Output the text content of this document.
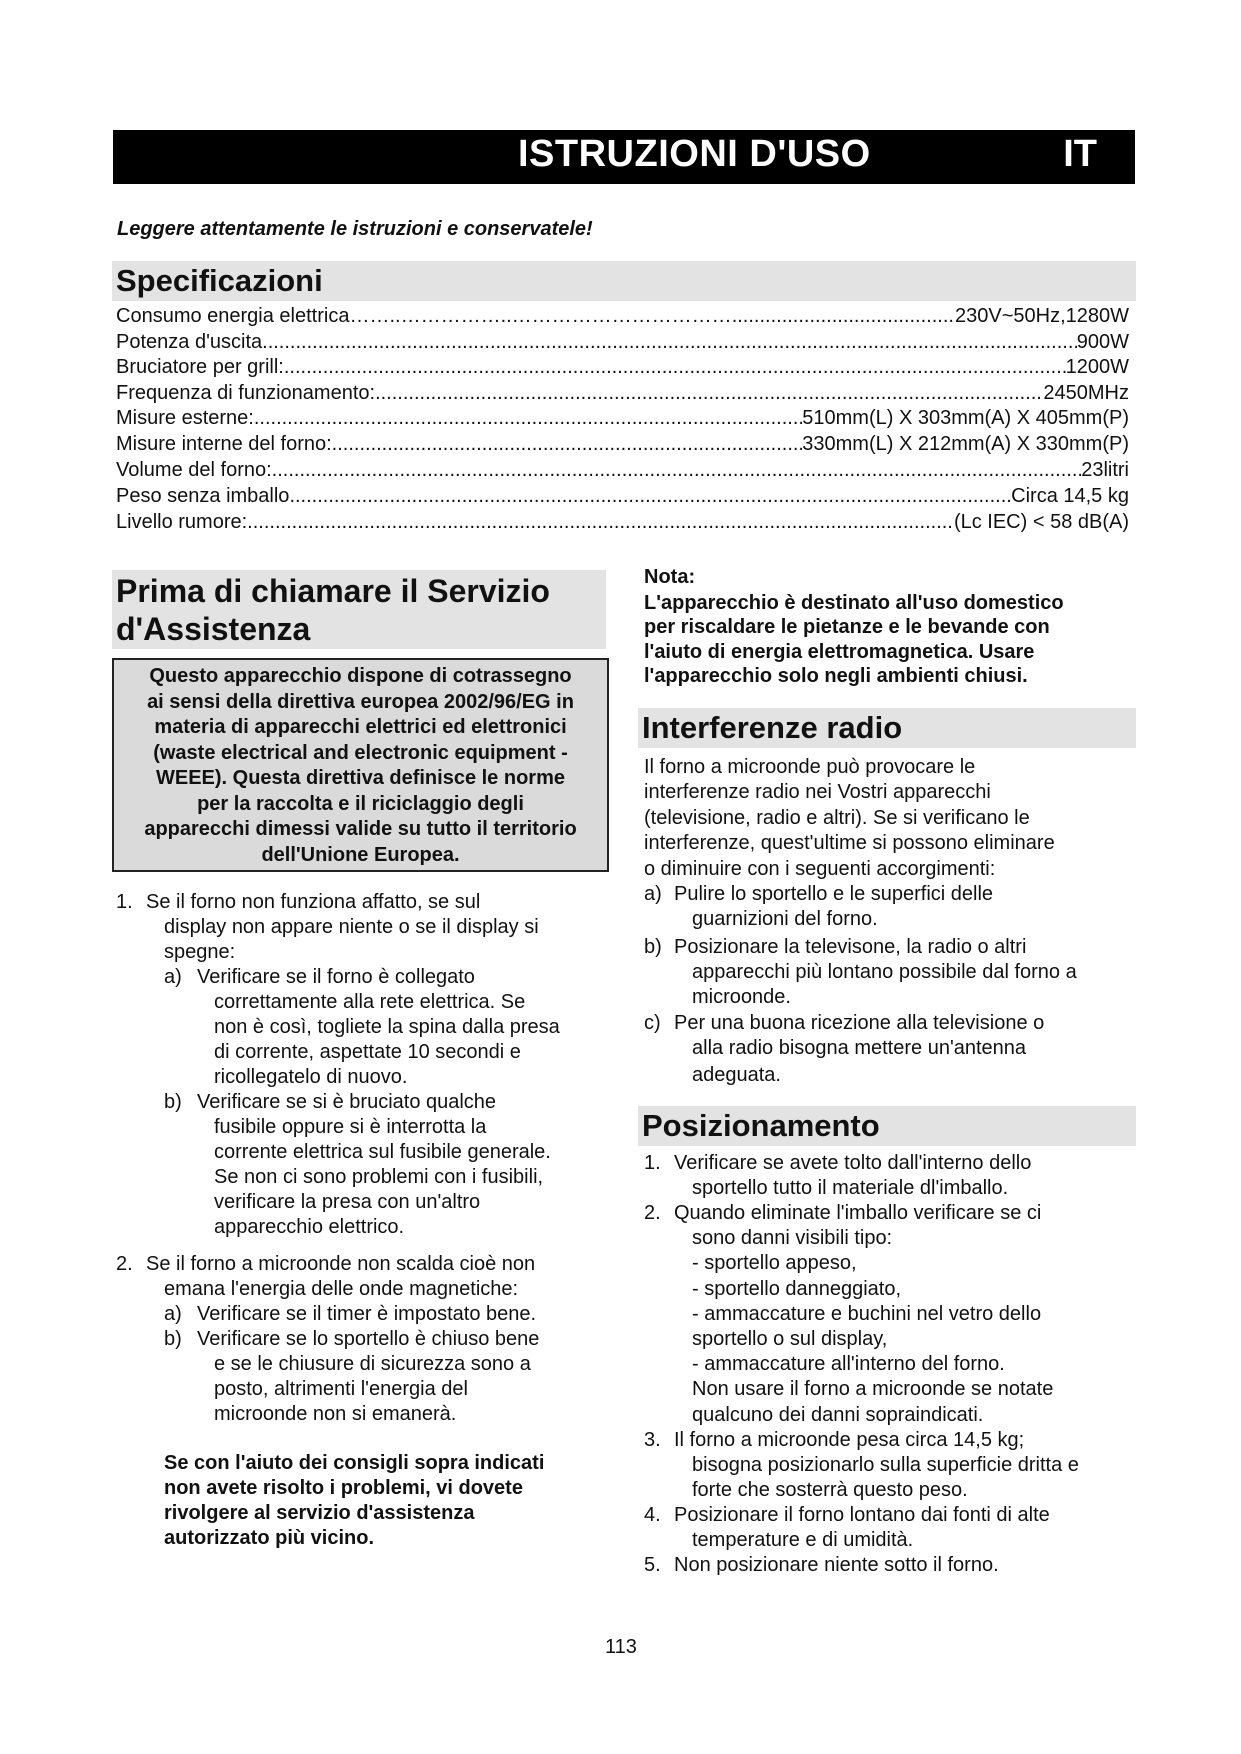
ISTRUZIONI D'USO	IT
Leggere attentamente le istruzioni e conservatele!
Specificazioni
Consumo energia elettrica……..……………..…………………………… .....	230V~50Hz,1280W
Potenza d'uscita .....	900W
Bruciatore per grill: .....	1200W
Frequenza di funzionamento: .....	2450MHz
Misure esterne: .....	510mm(L) X 303mm(A) X 405mm(P)
Misure interne del forno: .....	330mm(L) X 212mm(A) X 330mm(P)
Volume del forno: .....	23litri
Peso senza imballo .....	Circa 14,5 kg
Livello rumore: .....	(Lc IEC) < 58 dB(A)
Prima di chiamare il Servizio
d'Assistenza
Questo apparecchio dispone di cotrassegno
ai sensi della direttiva europea 2002/96/EG in
materia di apparecchi elettrici ed elettronici
(waste electrical and electronic equipment -
WEEE). Questa direttiva definisce le norme
per la raccolta e il riciclaggio degli
apparecchi dimessi valide su tutto il territorio
dell'Unione Europea.
1. Se il forno non funziona affatto, se sul
display non appare niente o se il display si
spegne:
a) Verificare se il forno è collegato
correttamente alla rete elettrica. Se
non è così, togliete la spina dalla presa
di corrente, aspettate 10 secondi e
ricollegatelo di nuovo.
b) Verificare se si è bruciato qualche
fusibile oppure si è interrotta la
corrente elettrica sul fusibile generale.
Se non ci sono problemi con i fusibili,
verificare la presa con un'altro
apparecchio elettrico.
2. Se il forno a microonde non scalda cioè non
emana l'energia delle onde magnetiche:
a) Verificare se il timer è impostato bene.
b) Verificare se lo sportello è chiuso bene
e se le chiusure di sicurezza sono a
posto, altrimenti l'energia del
microonde non si emanerà.
Se con l'aiuto dei consigli sopra indicati
non avete risolto i problemi, vi dovete
rivolgere al servizio d'assistenza
autorizzato più vicino.
Nota:
L'apparecchio è destinato all'uso domestico
per riscaldare le pietanze e le bevande con
l'aiuto di energia elettromagnetica. Usare
l'apparecchio solo negli ambienti chiusi.
Interferenze radio
Il forno a microonde può provocare le
interferenze radio nei Vostri apparecchi
(televisione, radio e altri). Se si verificano le
interferenze, quest'ultime si possono eliminare
o diminuire con i seguenti accorgimenti:
a) Pulire lo sportello e le superfici delle
guarnizioni del forno.
b) Posizionare la televisone, la radio o altri
apparecchi più lontano possibile dal forno a
microonde.
c) Per una buona ricezione alla televisione o
alla radio bisogna mettere un'antenna
adeguata.
Posizionamento
1. Verificare se avete tolto dall'interno dello
sportello tutto il materiale dl'imballo.
2. Quando eliminate l'imballo verificare se ci
sono danni visibili tipo:
- sportello appeso,
- sportello danneggiato,
- ammaccature e buchini nel vetro dello
sportello o sul display,
- ammaccature all'interno del forno.
Non usare il forno a microonde se notate
qualcuno dei danni sopraindicati.
3. Il forno a microonde pesa circa 14,5 kg;
bisogna posizionarlo sulla superficie dritta e
forte che sosterrà questo peso.
4. Posizionare il forno lontano dai fonti di alte
temperature e di umidità.
5. Non posizionare niente sotto il forno.
113
